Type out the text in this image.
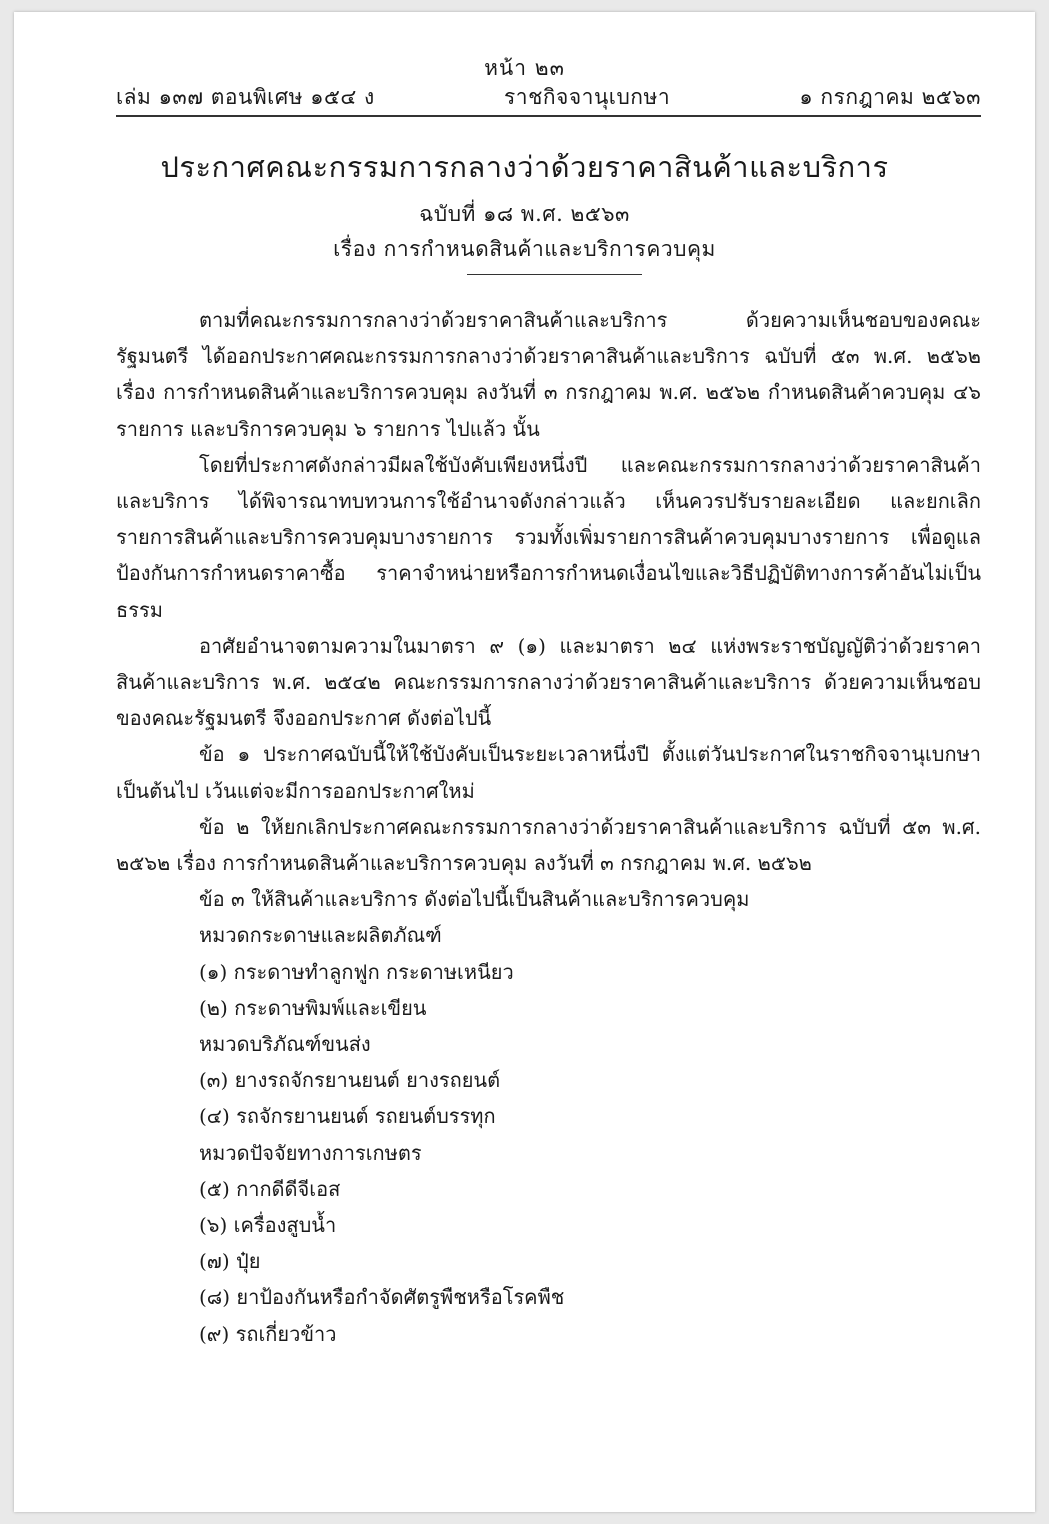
หน้า ๒๓
เล่ม ๑๓๗ ตอนพิเศษ ๑๕๔ ง	ราชกิจจานุเบกษา	๑ กรกฎาคม ๒๕๖๓
ประกาศคณะกรรมการกลางว่าด้วยราคาสินค้าและบริการ
ฉบับที่ ๑๘ พ.ศ. ๒๕๖๓
เรื่อง การกำหนดสินค้าและบริการควบคุม

ตามที่คณะกรรมการกลางว่าด้วยราคาสินค้าและบริการ ด้วยความเห็นชอบของคณะรัฐมนตรี ได้ออกประกาศคณะกรรมการกลางว่าด้วยราคาสินค้าและบริการ ฉบับที่ ๕๓ พ.ศ. ๒๕๖๒ เรื่อง การกำหนดสินค้าและบริการควบคุม ลงวันที่ ๓ กรกฎาคม พ.ศ. ๒๕๖๒ กำหนดสินค้าควบคุม ๔๖ รายการ และบริการควบคุม ๖ รายการ ไปแล้ว นั้น

โดยที่ประกาศดังกล่าวมีผลใช้บังคับเพียงหนึ่งปี และคณะกรรมการกลางว่าด้วยราคาสินค้า และบริการ ได้พิจารณาทบทวนการใช้อำนาจดังกล่าวแล้ว เห็นควรปรับรายละเอียด และยกเลิก รายการสินค้าและบริการควบคุมบางรายการ รวมทั้งเพิ่มรายการสินค้าควบคุมบางรายการ เพื่อดูแล ป้องกันการกำหนดราคาซื้อ ราคาจำหน่ายหรือการกำหนดเงื่อนไขและวิธีปฏิบัติทางการค้าอันไม่เป็นธรรม

อาศัยอำนาจตามความในมาตรา ๙ (๑) และมาตรา ๒๔ แห่งพระราชบัญญัติว่าด้วยราคา สินค้าและบริการ พ.ศ. ๒๕๔๒ คณะกรรมการกลางว่าด้วยราคาสินค้าและบริการ ด้วยความเห็นชอบ ของคณะรัฐมนตรี จึงออกประกาศ ดังต่อไปนี้

ข้อ ๑ ประกาศฉบับนี้ให้ใช้บังคับเป็นระยะเวลาหนึ่งปี ตั้งแต่วันประกาศในราชกิจจานุเบกษา เป็นต้นไป เว้นแต่จะมีการออกประกาศใหม่

ข้อ ๒ ให้ยกเลิกประกาศคณะกรรมการกลางว่าด้วยราคาสินค้าและบริการ ฉบับที่ ๕๓ พ.ศ. ๒๕๖๒ เรื่อง การกำหนดสินค้าและบริการควบคุม ลงวันที่ ๓ กรกฎาคม พ.ศ. ๒๕๖๒

ข้อ ๓ ให้สินค้าและบริการ ดังต่อไปนี้เป็นสินค้าและบริการควบคุม

หมวดกระดาษและผลิตภัณฑ์

(๑) กระดาษทำลูกฟูก กระดาษเหนียว

(๒) กระดาษพิมพ์และเขียน

หมวดบริภัณฑ์ขนส่ง

(๓) ยางรถจักรยานยนต์ ยางรถยนต์

(๔) รถจักรยานยนต์ รถยนต์บรรทุก

หมวดปัจจัยทางการเกษตร

(๕) กากดีดีจีเอส

(๖) เครื่องสูบน้ำ

(๗) ปุ๋ย

(๘) ยาป้องกันหรือกำจัดศัตรูพืชหรือโรคพืช

(๙) รถเกี่ยวข้าว
